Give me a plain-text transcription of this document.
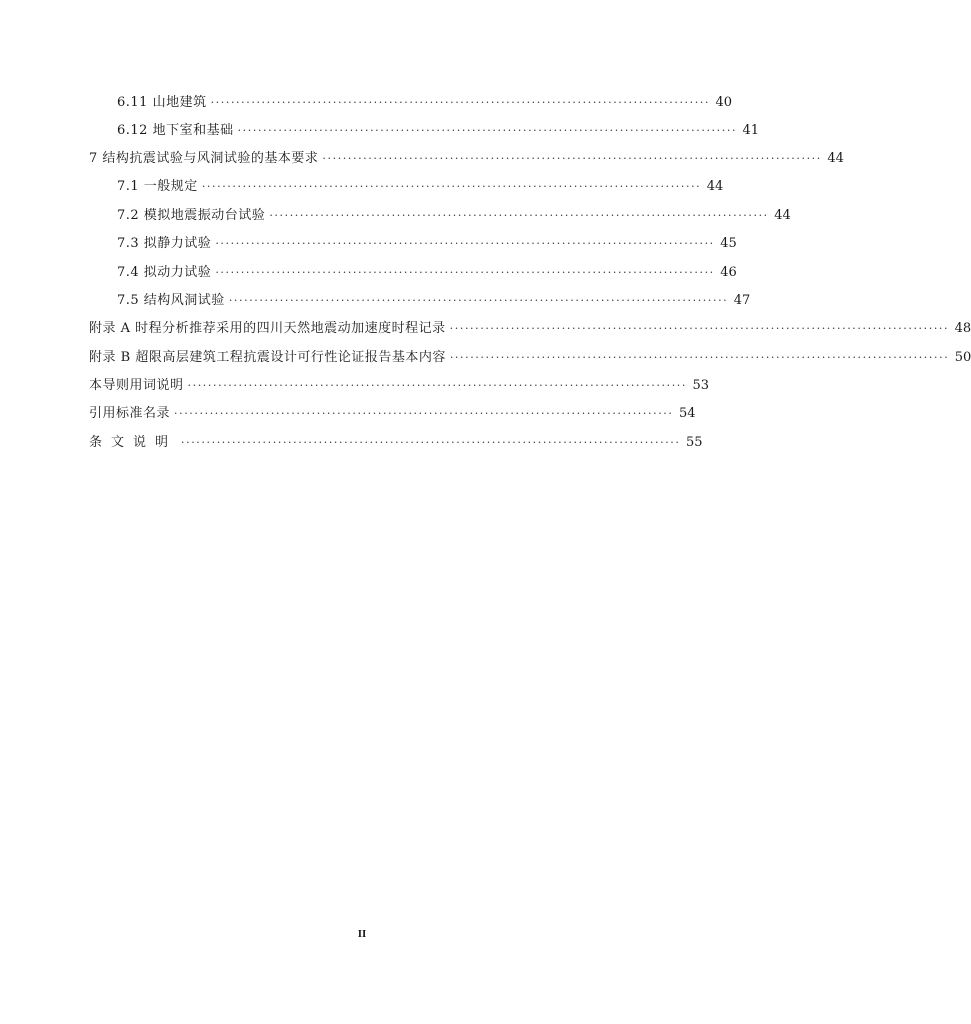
6.11 山地建筑 ·································································································· 40
6.12 地下室和基础 ·································································································· 41
7 结构抗震试验与风洞试验的基本要求 ·································································································· 44
7.1 一般规定 ·································································································· 44
7.2 模拟地震振动台试验 ·································································································· 44
7.3 拟静力试验 ·································································································· 45
7.4 拟动力试验 ·································································································· 46
7.5 结构风洞试验 ·································································································· 47
附录 A 时程分析推荐采用的四川天然地震动加速度时程记录 ·································································································· 48
附录 B 超限高层建筑工程抗震设计可行性论证报告基本内容 ·································································································· 50
本导则用词说明 ·································································································· 53
引用标准名录 ·································································································· 54
条文说明 ·································································································· 55
II
